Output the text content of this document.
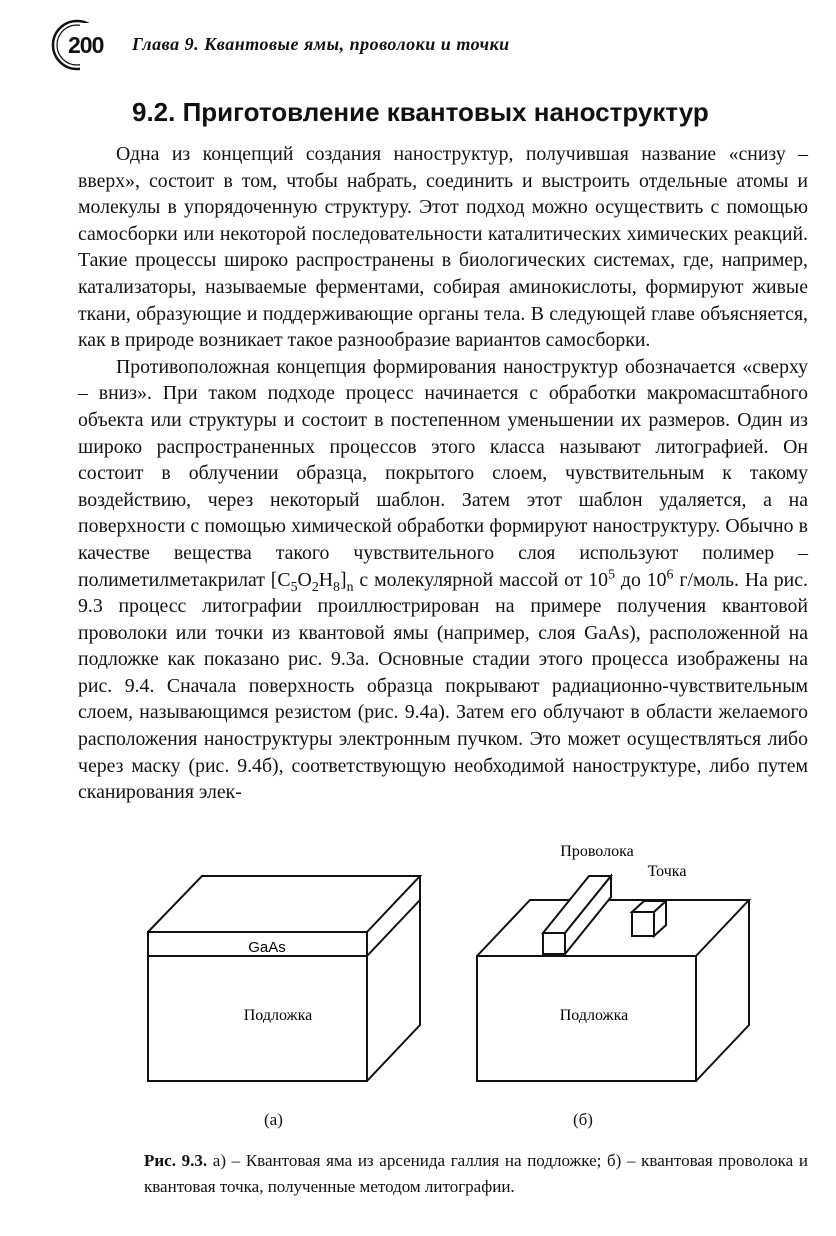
200 Глава 9. Квантовые ямы, проволоки и точки
9.2. Приготовление квантовых наноструктур

Одна из концепций создания наноструктур, получившая название «снизу – вверх», состоит в том, чтобы набрать, соединить и выстроить отдельные атомы и молекулы в упорядоченную структуру. Этот подход можно осуществить с помощью самосборки или некоторой последовательности каталитических химических реакций. Такие процессы широко распространены в биологических системах, где, например, катализаторы, называемые ферментами, собирая аминокислоты, формируют живые ткани, образующие и поддерживающие органы тела. В следующей главе объясняется, как в природе возникает такое разнообразие вариантов самосборки.

Противоположная концепция формирования наноструктур обозначается «сверху – вниз». При таком подходе процесс начинается с обработки макромасштабного объекта или структуры и состоит в постепенном уменьшении их размеров. Один из широко распространенных процессов этого класса называют литографией. Он состоит в облучении образца, покрытого слоем, чувствительным к такому воздействию, через некоторый шаблон. Затем этот шаблон удаляется, а на поверхности с помощью химической обработки формируют наноструктуру. Обычно в качестве вещества такого чувствительного слоя используют полимер – полиметилметакрилат $[C_5O_2H_8]_n$ с молекулярной массой от $10^5$ до $10^6$ г/моль. На рис. 9.3 процесс литографии проиллюстрирован на примере получения квантовой проволоки или точки из квантовой ямы (например, слоя GaAs), расположенной на подложке как показано рис. 9.3а. Основные стадии этого процесса изображены на рис. 9.4. Сначала поверхность образца покрывают радиационно-чувствительным слоем, называющимся резистом (рис. 9.4а). Затем его облучают в области желаемого расположения наноструктуры электронным пучком. Это может осуществляться либо через маску (рис. 9.4б), соответствующую необходимой наноструктуре, либо путем сканирования элек-

GaAs
Подложка
Проволока
Точка
Подложка
(а)	(б)
Рис. 9.3. а) – Квантовая яма из арсенида галлия на подложке; б) – квантовая проволока и квантовая точка, полученные методом литографии.
